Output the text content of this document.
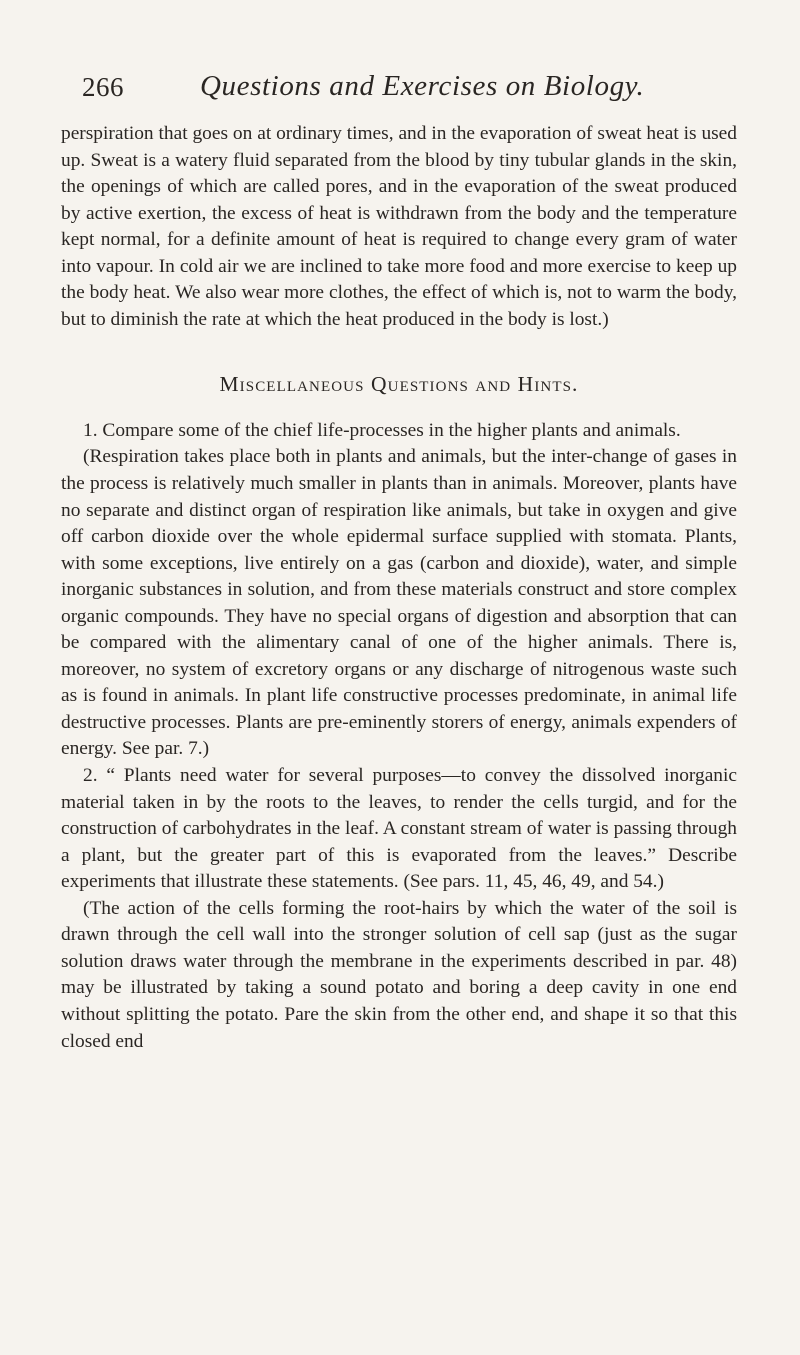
266	Questions and Exercises on Biology.

perspiration that goes on at ordinary times, and in the evaporation of sweat heat is used up. Sweat is a watery fluid separated from the blood by tiny tubular glands in the skin, the openings of which are called pores, and in the evaporation of the sweat produced by active exertion, the excess of heat is withdrawn from the body and the temperature kept normal, for a definite amount of heat is required to change every gram of water into vapour. In cold air we are inclined to take more food and more exercise to keep up the body heat. We also wear more clothes, the effect of which is, not to warm the body, but to diminish the rate at which the heat produced in the body is lost.)

Miscellaneous Questions and Hints.

1. Compare some of the chief life-processes in the higher plants and animals.

(Respiration takes place both in plants and animals, but the inter-change of gases in the process is relatively much smaller in plants than in animals. Moreover, plants have no separate and distinct organ of respiration like animals, but take in oxygen and give off carbon dioxide over the whole epidermal surface supplied with stomata. Plants, with some exceptions, live entirely on a gas (carbon and dioxide), water, and simple inorganic substances in solution, and from these materials construct and store complex organic compounds. They have no special organs of digestion and absorption that can be compared with the alimentary canal of one of the higher animals. There is, moreover, no system of excretory organs or any discharge of nitrogenous waste such as is found in animals. In plant life constructive processes predominate, in animal life destructive processes. Plants are pre-eminently storers of energy, animals expenders of energy. See par. 7.)

2. “ Plants need water for several purposes—to convey the dissolved inorganic material taken in by the roots to the leaves, to render the cells turgid, and for the construction of carbohydrates in the leaf. A constant stream of water is passing through a plant, but the greater part of this is evaporated from the leaves.” Describe experiments that illustrate these statements. (See pars. 11, 45, 46, 49, and 54.)

(The action of the cells forming the root-hairs by which the water of the soil is drawn through the cell wall into the stronger solution of cell sap (just as the sugar solution draws water through the membrane in the experiments described in par. 48) may be illustrated by taking a sound potato and boring a deep cavity in one end without splitting the potato. Pare the skin from the other end, and shape it so that this closed end
